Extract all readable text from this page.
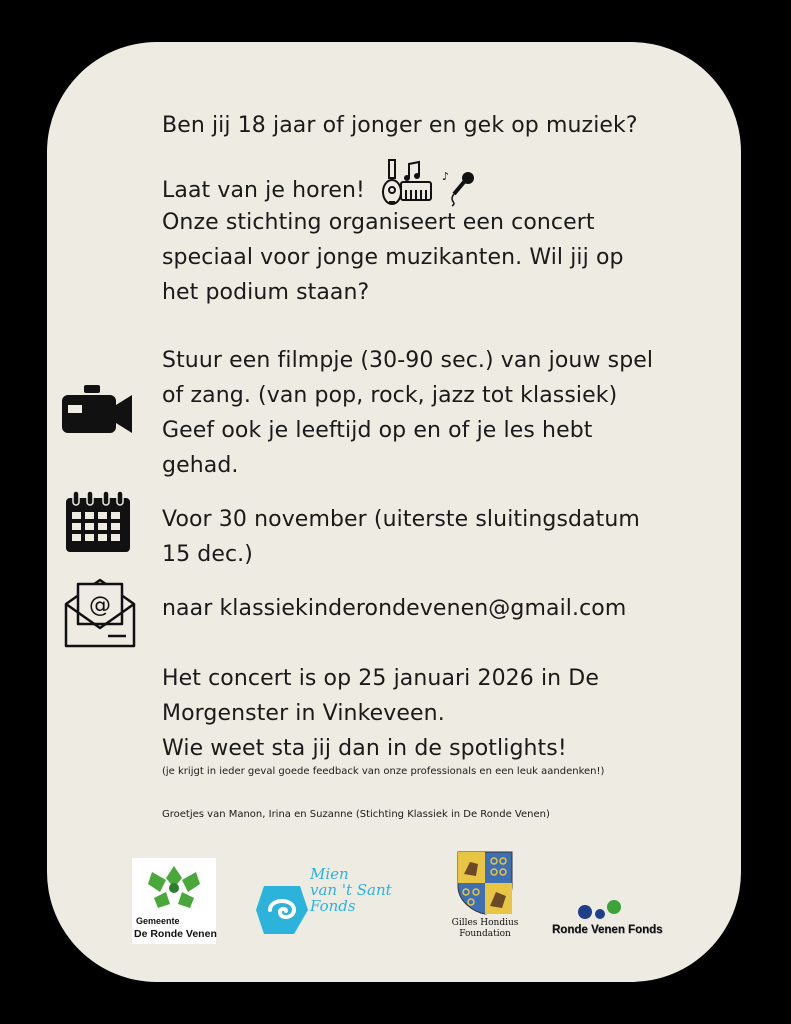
Ben jij 18 jaar of jonger en gek op muziek?
Laat van je horen!
♪
Onze stichting organiseert een concert
speciaal voor jonge muzikanten. Wil jij op
het podium staan?
Stuur een filmpje (30-90 sec.) van jouw spel
of zang. (van pop, rock, jazz tot klassiek)
Geef ook je leeftijd op en of je les hebt
gehad.
Voor 30 november (uiterste sluitingsdatum
15 dec.)
@ naar klassiekinderondevenen@gmail.com
Het concert is op 25 januari 2026 in De
Morgenster in Vinkeveen.
Wie weet sta jij dan in de spotlights!
(je krijgt in ieder geval goede feedback van onze professionals en een leuk aandenken!)
Groetjes van Manon, Irina en Suzanne (Stichting Klassiek in De Ronde Venen)
Gemeente
De Ronde Venen
Mien
van 't Sant
Fonds
Gilles Hondius
Foundation	Ronde Venen Fonds
